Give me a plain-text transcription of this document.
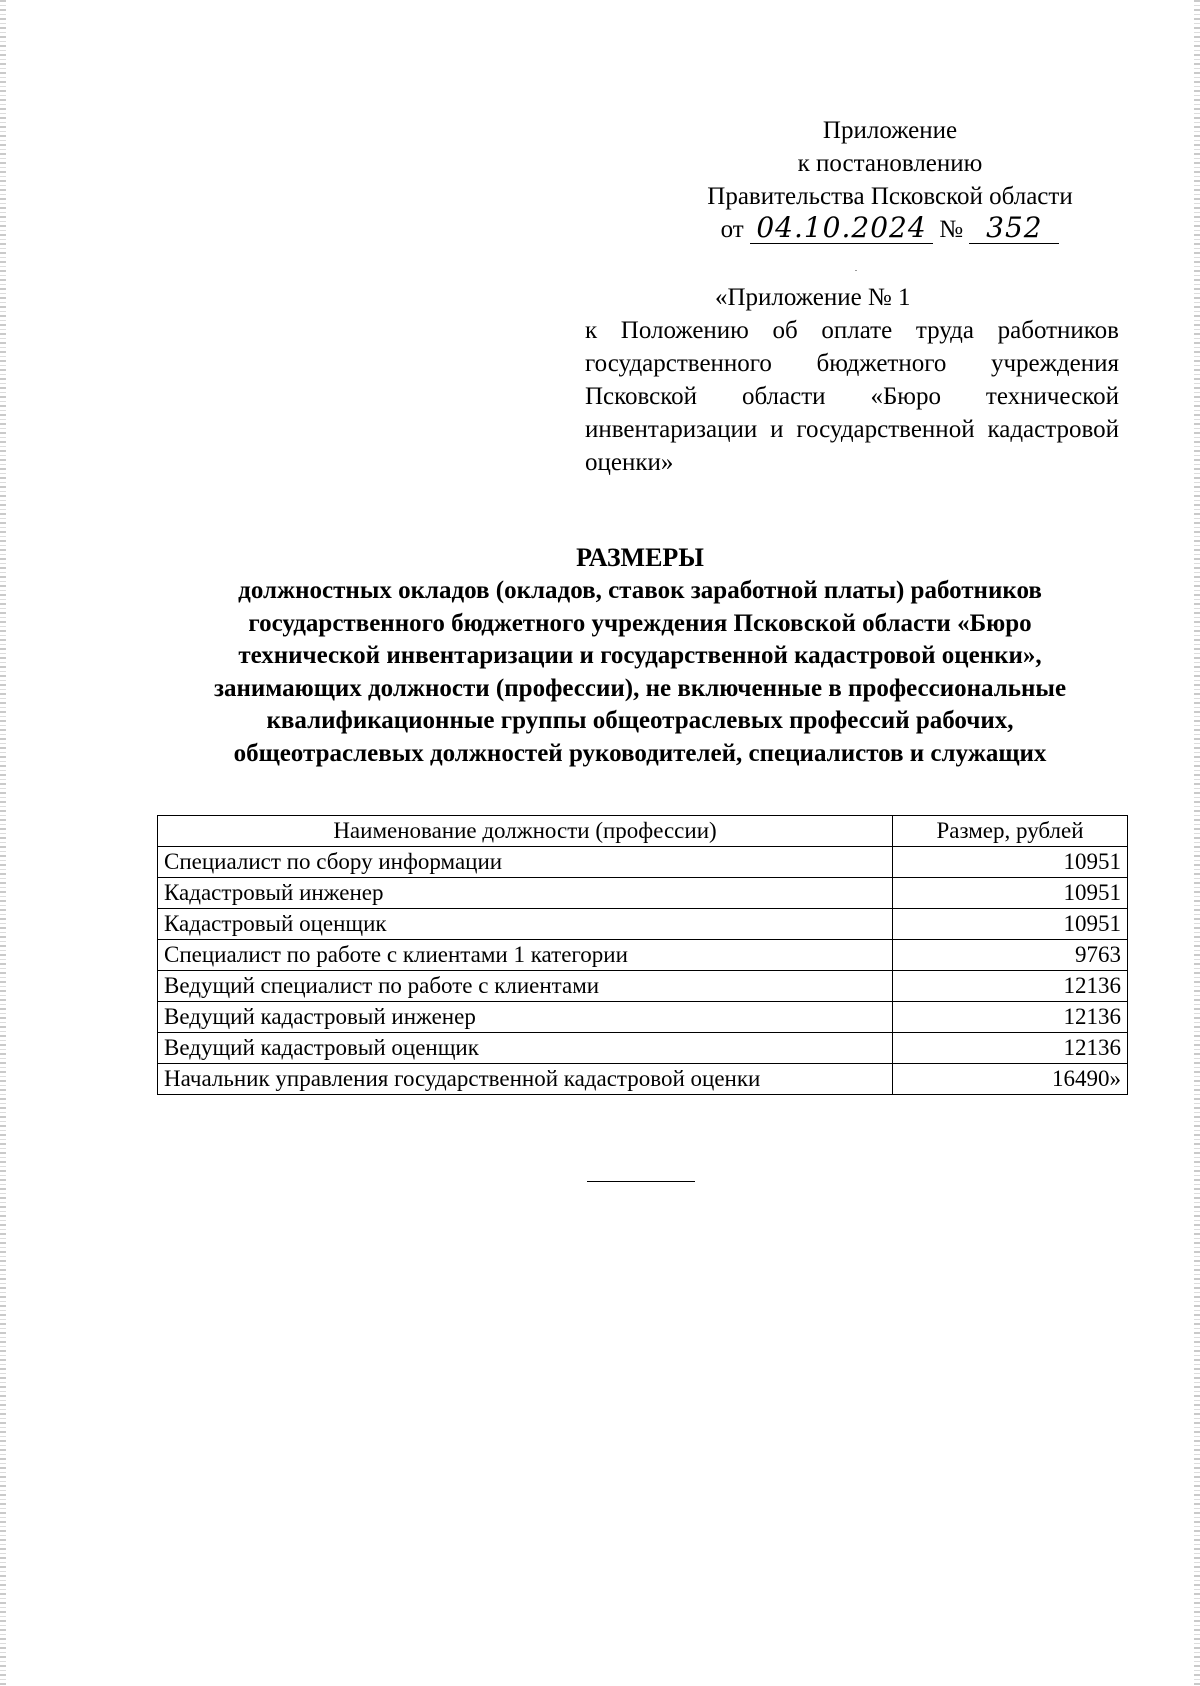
Приложение
к постановлению
Правительства Псковской области
от 04.10.2024 № 352
«Приложение № 1
к Положению об оплате труда работников государственного бюджетного учреждения Псковской области «Бюро технической инвентаризации и государственной кадастровой оценки»
РАЗМЕРЫ
должностных окладов (окладов, ставок заработной платы) работников государственного бюджетного учреждения Псковской области «Бюро технической инвентаризации и государственной кадастровой оценки», занимающих должности (профессии), не включенные в профессиональные квалификационные группы общеотраслевых профессий рабочих, общеотраслевых должностей руководителей, специалистов и служащих
Наименование должности (профессии)	Размер, рублей
Специалист по сбору информации	10951
Кадастровый инженер	10951
Кадастровый оценщик	10951
Специалист по работе с клиентами 1 категории	9763
Ведущий специалист по работе с клиентами	12136
Ведущий кадастровый инженер	12136
Ведущий кадастровый оценщик	12136
Начальник управления государственной кадастровой оценки	16490»
